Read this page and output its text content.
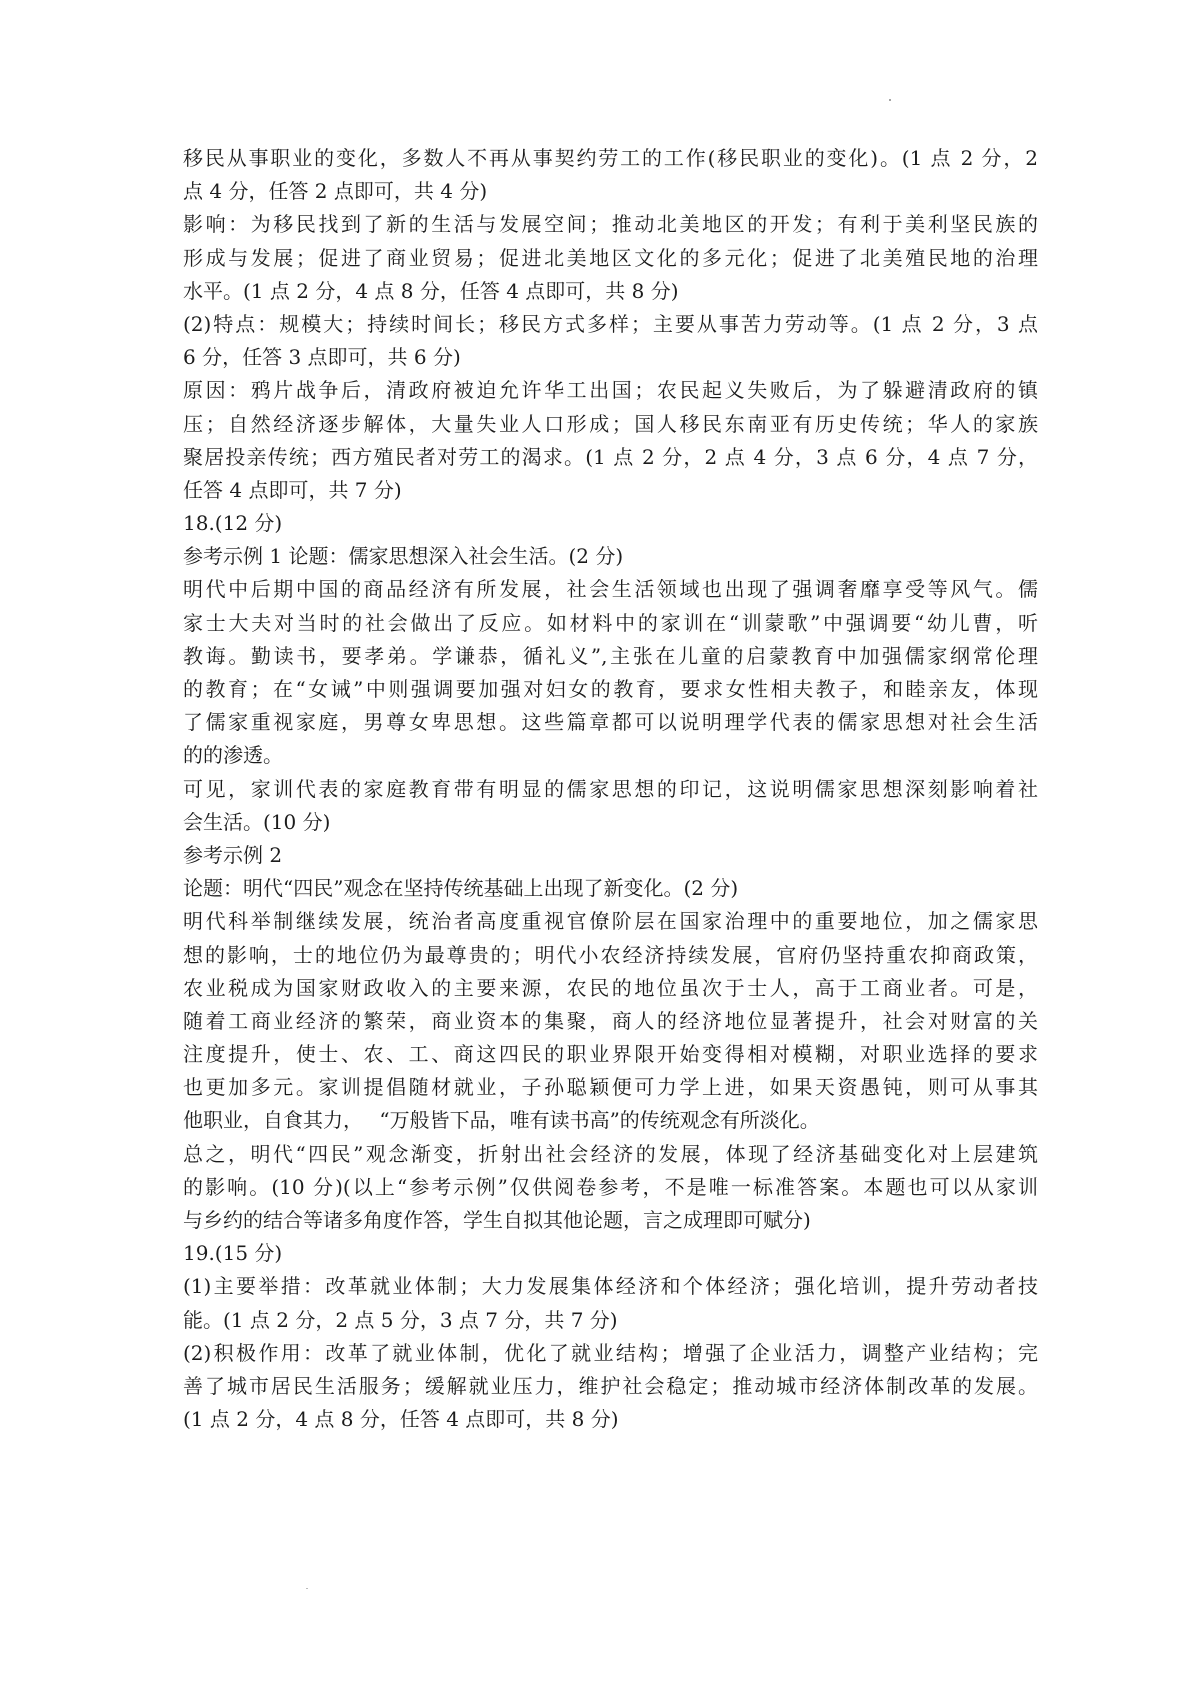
移民从事职业的变化，多数人不再从事契约劳工的工作(移民职业的变化)。(1 点 2 分，2
点 4 分，任答 2 点即可，共 4 分)
影响：为移民找到了新的生活与发展空间；推动北美地区的开发；有利于美利坚民族的
形成与发展；促进了商业贸易；促进北美地区文化的多元化；促进了北美殖民地的治理
水平。(1 点 2 分，4 点 8 分，任答 4 点即可，共 8 分)
(2)特点：规模大；持续时间长；移民方式多样；主要从事苦力劳动等。(1 点 2 分，3 点
6 分，任答 3 点即可，共 6 分)
原因：鸦片战争后，清政府被迫允许华工出国；农民起义失败后，为了躲避清政府的镇
压；自然经济逐步解体，大量失业人口形成；国人移民东南亚有历史传统；华人的家族
聚居投亲传统；西方殖民者对劳工的渴求。(1 点 2 分，2 点 4 分，3 点 6 分，4 点 7 分，
任答 4 点即可，共 7 分)
18.(12 分)
参考示例 1 论题：儒家思想深入社会生活。(2 分)
明代中后期中国的商品经济有所发展，社会生活领域也出现了强调奢靡享受等风气。儒
家士大夫对当时的社会做出了反应。如材料中的家训在“训蒙歌”中强调要“幼儿曹，听
教诲。勤读书，要孝弟。学谦恭，循礼义”,主张在儿童的启蒙教育中加强儒家纲常伦理
的教育；在“女诫”中则强调要加强对妇女的教育，要求女性相夫教子，和睦亲友，体现
了儒家重视家庭，男尊女卑思想。这些篇章都可以说明理学代表的儒家思想对社会生活
的的渗透。
可见，家训代表的家庭教育带有明显的儒家思想的印记，这说明儒家思想深刻影响着社
会生活。(10 分)
参考示例 2
论题：明代“四民”观念在坚持传统基础上出现了新变化。(2 分)
明代科举制继续发展，统治者高度重视官僚阶层在国家治理中的重要地位，加之儒家思
想的影响，士的地位仍为最尊贵的；明代小农经济持续发展，官府仍坚持重农抑商政策，
农业税成为国家财政收入的主要来源，农民的地位虽次于士人，高于工商业者。可是，
随着工商业经济的繁荣，商业资本的集聚，商人的经济地位显著提升，社会对财富的关
注度提升，使士、农、工、商这四民的职业界限开始变得相对模糊，对职业选择的要求
也更加多元。家训提倡随材就业，子孙聪颖便可力学上进，如果天资愚钝，则可从事其
他职业，自食其力，　 “万般皆下品，唯有读书高”的传统观念有所淡化。
总之，明代“四民”观念渐变，折射出社会经济的发展，体现了经济基础变化对上层建筑
的影响。(10 分)(以上“参考示例”仅供阅卷参考，不是唯一标准答案。本题也可以从家训
与乡约的结合等诸多角度作答，学生自拟其他论题，言之成理即可赋分)
19.(15 分)
(1)主要举措：改革就业体制；大力发展集体经济和个体经济；强化培训，提升劳动者技
能。(1 点 2 分，2 点 5 分，3 点 7 分，共 7 分)
(2)积极作用：改革了就业体制，优化了就业结构；增强了企业活力，调整产业结构；完
善了城市居民生活服务；缓解就业压力，维护社会稳定；推动城市经济体制改革的发展。
(1 点 2 分，4 点 8 分，任答 4 点即可，共 8 分)
